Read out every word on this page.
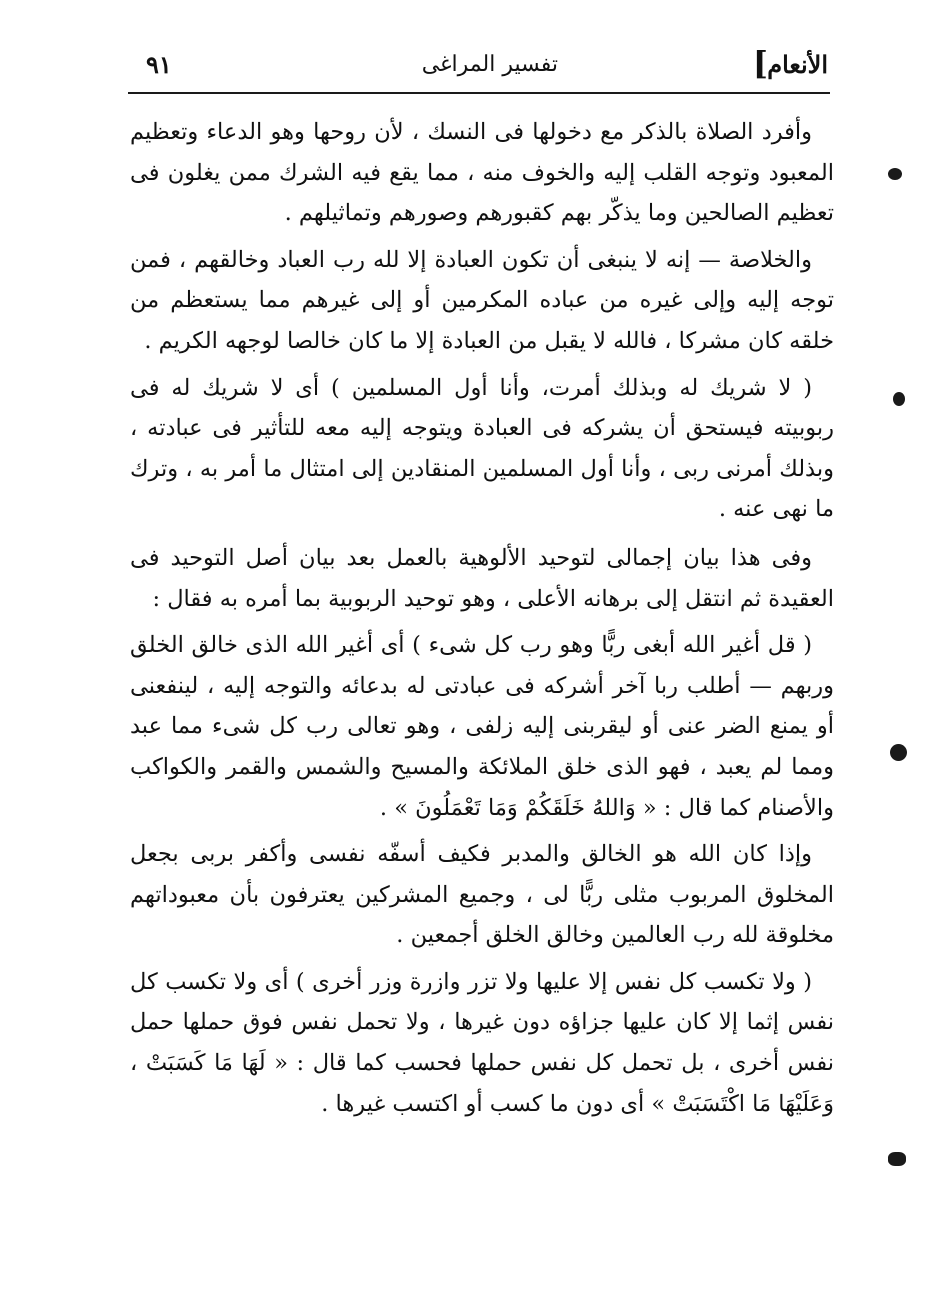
الأنعام
]
تفسير المراغى
٩١

وأفرد الصلاة بالذكر مع دخولها فى النسك ، لأن روحها وهو الدعاء وتعظيم المعبود وتوجه القلب إليه والخوف منه ، مما يقع فيه الشرك ممن يغلون فى تعظيم الصالحين وما يذكّر بهم كقبورهم وصورهم وتماثيلهم .

والخلاصة — إنه لا ينبغى أن تكون العبادة إلا لله رب العباد وخالقهم ، فمن توجه إليه وإلى غيره من عباده المكرمين أو إلى غيرهم مما يستعظم من خلقه كان مشركا ، فالله لا يقبل من العبادة إلا ما كان خالصا لوجهه الكريم .

( لا شريك له وبذلك أمرت، وأنا أول المسلمين ) أى لا شريك له فى ربوبيته فيستحق أن يشركه فى العبادة ويتوجه إليه معه للتأثير فى عبادته ، وبذلك أمرنى ربى ، وأنا أول المسلمين المنقادين إلى امتثال ما أمر به ، وترك ما نهى عنه .

وفى هذا بيان إجمالى لتوحيد الألوهية بالعمل بعد بيان أصل التوحيد فى العقيدة ثم انتقل إلى برهانه الأعلى ، وهو توحيد الربوبية بما أمره به فقال :

( قل أغير الله أبغى ربًّا وهو رب كل شىء ) أى أغير الله الذى خالق الخلق وربهم — أطلب ربا آخر أشركه فى عبادتى له بدعائه والتوجه إليه ، لينفعنى أو يمنع الضر عنى أو ليقربنى إليه زلفى ، وهو تعالى رب كل شىء مما عبد ومما لم يعبد ، فهو الذى خلق الملائكة والمسيح والشمس والقمر والكواكب والأصنام كما قال : « وَاللهُ خَلَقَكُمْ وَمَا تَعْمَلُونَ » .

وإذا كان الله هو الخالق والمدبر فكيف أسفّه نفسى وأكفر بربى بجعل المخلوق المربوب مثلى ربًّا لى ، وجميع المشركين يعترفون بأن معبوداتهم مخلوقة لله رب العالمين وخالق الخلق أجمعين .

( ولا تكسب كل نفس إلا عليها ولا تزر وازرة وزر أخرى ) أى ولا تكسب كل نفس إثما إلا كان عليها جزاؤه دون غيرها ، ولا تحمل نفس فوق حملها حمل نفس أخرى ، بل تحمل كل نفس حملها فحسب كما قال : « لَهَا مَا كَسَبَتْ ، وَعَلَيْهَا مَا اكْتَسَبَتْ » أى دون ما كسب أو اكتسب غيرها .
